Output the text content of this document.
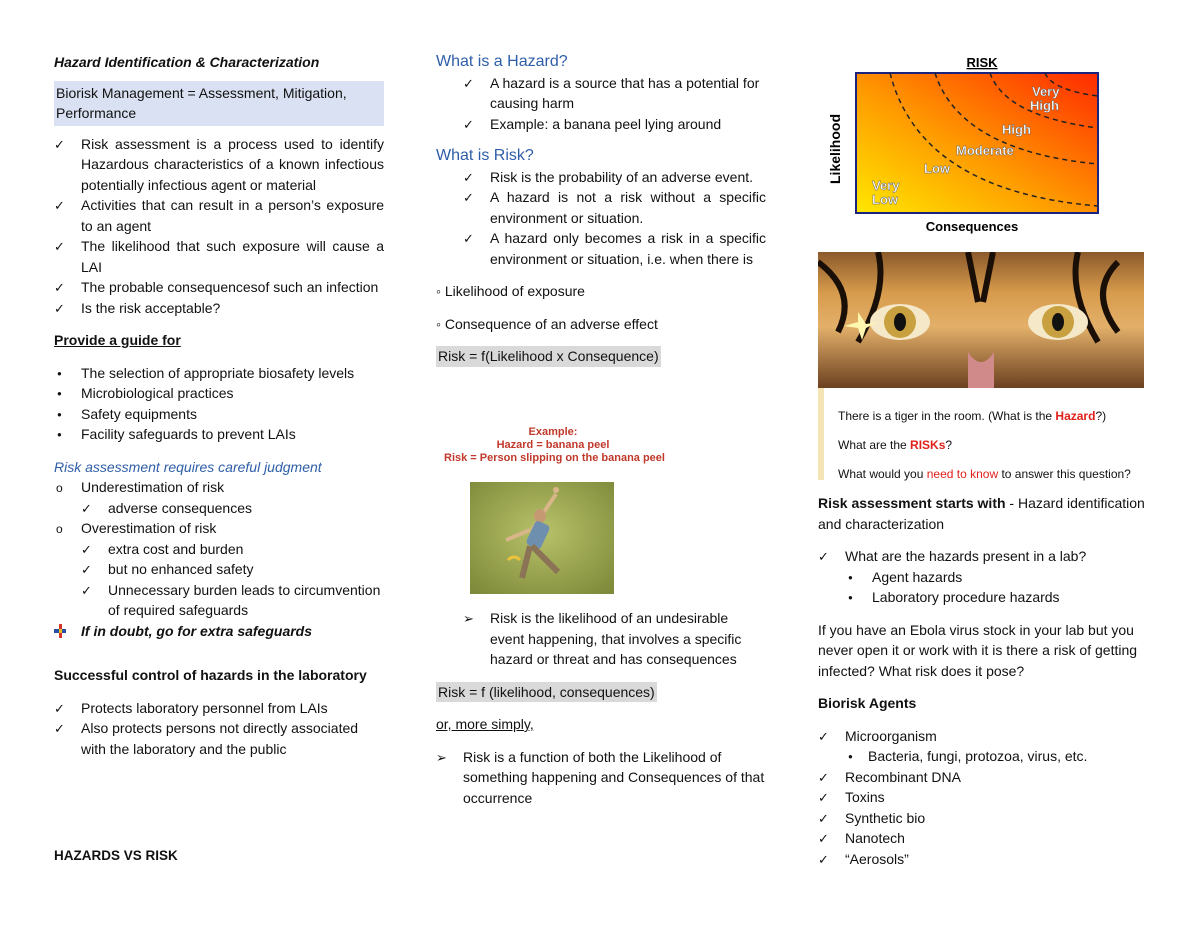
Hazard Identification & Characterization

Biorisk Management = Assessment, Mitigation, Performance
✓
Risk assessment is a process used to identify Hazardous characteristics of a known infectious potentially infectious agent or material
✓
Activities that can result in a person’s exposure to an agent
✓
The likelihood that such exposure will cause a LAI
✓
The probable consequencesof such an infection
✓
Is the risk acceptable?

Provide a guide for

●
The selection of appropriate biosafety levels
●
Microbiological practices
●
Safety equipments
●
Facility safeguards to prevent LAIs

Risk assessment requires careful judgment

o
Underestimation of risk
✓
adverse consequences
o
Overestimation of risk
✓
extra cost and burden
✓
but no enhanced safety
✓
Unnecessary burden leads to circumvention of required safeguards
If in doubt, go for extra safeguards

Successful control of hazards in the laboratory

✓
Protects laboratory personnel from LAIs
✓
Also protects persons not directly associated with the laboratory and the public

HAZARDS VS RISK

What is a Hazard?

✓
A hazard is a source that has a potential for causing harm
✓
Example: a banana peel lying around

What is Risk?

✓
Risk is the probability of an adverse event.
✓
A hazard is not a risk without a specific environment or situation.
✓
A hazard only becomes a risk in a specific environment or situation, i.e. when there is

◦ Likelihood of exposure

◦ Consequence of an adverse effect

Risk = f(Likelihood x Consequence)

Example:
Hazard = banana peel
Risk = Person slipping on the banana peel
➢
Risk is the likelihood of an undesirable event happening, that involves a specific hazard or threat and has consequences

Risk = f (likelihood, consequences)

or, more simply,

➢
Risk is a function of both the Likelihood of something happening and Consequences of that occurrence
RISK
Very
High
High
Moderate
Low
Very
Low
Likelihood
Consequences
There is a tiger in the room. (What is the Hazard?)
What are the RISKs?
What would you need to know to answer this question?

Risk assessment starts with - Hazard identification and characterization

✓
What are the hazards present in a lab?
●
Agent hazards
●
Laboratory procedure hazards

If you have an Ebola virus stock in your lab but you never open it or work with it is there a risk of getting infected? What risk does it pose?

Biorisk Agents

✓
Microorganism
●
Bacteria, fungi, protozoa, virus, etc.
✓
Recombinant DNA
✓
Toxins
✓
Synthetic bio
✓
Nanotech
✓
“Aerosols”
